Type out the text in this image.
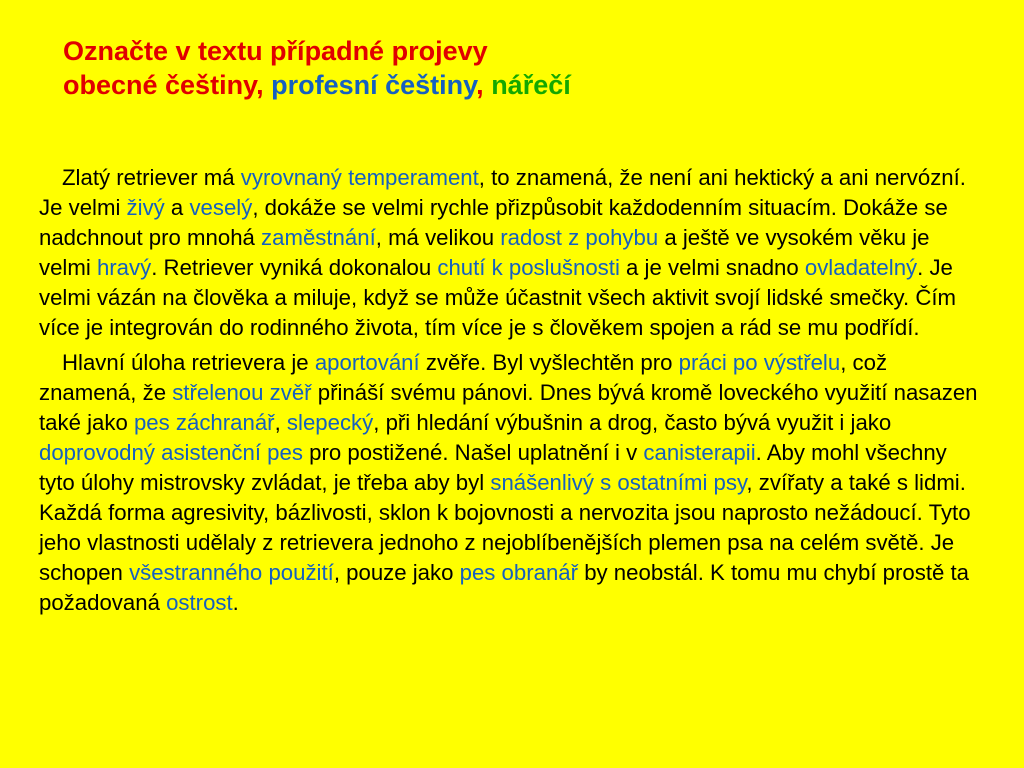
Označte v textu případné projevy
obecné češtiny, profesní češtiny, nářečí

Zlatý retriever má vyrovnaný temperament, to znamená, že není ani hektický a ani nervózní. Je velmi živý a veselý, dokáže se velmi rychle přizpůsobit každodenním situacím. Dokáže se nadchnout pro mnohá zaměstnání, má velikou radost z pohybu a ještě ve vysokém věku je velmi hravý. Retriever vyniká dokonalou chutí k poslušnosti a je velmi snadno ovladatelný. Je velmi vázán na člověka a miluje, když se může účastnit všech aktivit svojí lidské smečky. Čím více je integrován do rodinného života, tím více je s člověkem spojen a rád se mu podřídí.

Hlavní úloha retrievera je aportování zvěře. Byl vyšlechtěn pro práci po výstřelu, což znamená, že střelenou zvěř přináší svému pánovi. Dnes bývá kromě loveckého využití nasazen také jako pes záchranář, slepecký, při hledání výbušnin a drog, často bývá využit i jako doprovodný asistenční pes pro postižené. Našel uplatnění i v canisterapii. Aby mohl všechny tyto úlohy mistrovsky zvládat, je třeba aby byl snášenlivý s ostatními psy, zvířaty a také s lidmi. Každá forma agresivity, bázlivosti, sklon k bojovnosti a nervozita jsou naprosto nežádoucí. Tyto jeho vlastnosti udělaly z retrievera jednoho z nejoblíbenějších plemen psa na celém světě. Je schopen všestranného použití, pouze jako pes obranář by neobstál. K tomu mu chybí prostě ta požadovaná ostrost.
